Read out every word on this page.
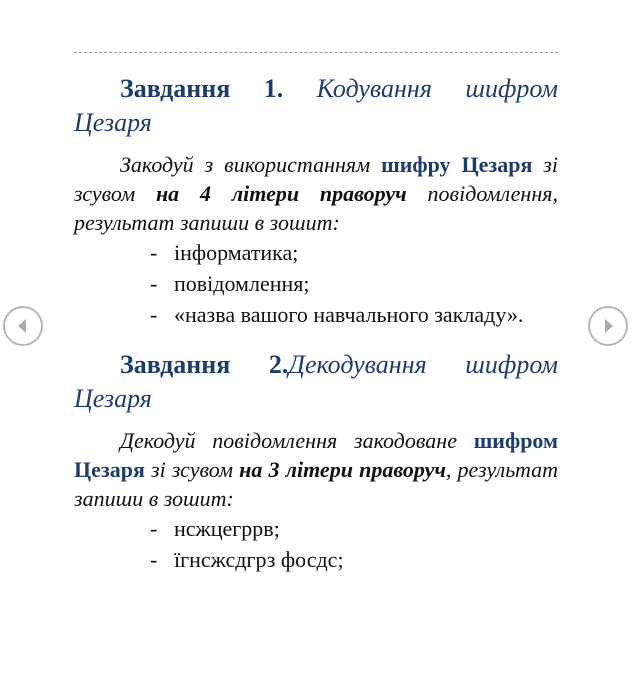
Завдання 1. Кодування шифром Цезаря

Закодуй з використанням шифру Цезаря зі зсувом на 4 літери праворуч повідомлення, результат запиши в зошит:

- інформатика;
- повідомлення;
- «назва вашого навчального закладу».

Завдання 2.Декодування шифром Цезаря

Декодуй повідомлення закодоване шифром Цезаря зі зсувом на 3 літери праворуч, результат запиши в зошит:

- нсжцегррв;
- їгнсжсдгрз фосдс;
